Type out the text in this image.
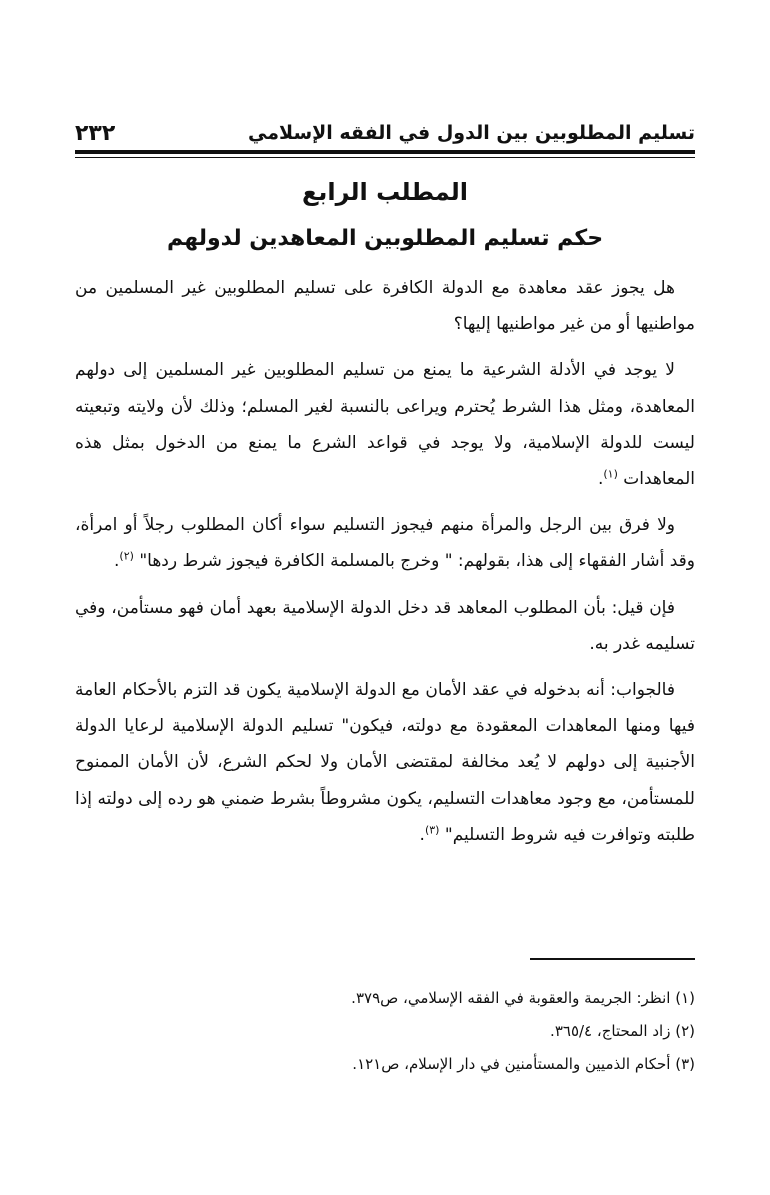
٢٣٢	تسليم المطلوبين بين الدول في الفقه الإسلامي
المطلب الرابع
حكم تسليم المطلوبين المعاهدين لدولهم

هل يجوز عقد معاهدة مع الدولة الكافرة على تسليم المطلوبين غير المسلمين من مواطنيها أو من غير مواطنيها إليها؟

لا يوجد في الأدلة الشرعية ما يمنع من تسليم المطلوبين غير المسلمين إلى دولهم المعاهدة، ومثل هذا الشرط يُحترم ويراعى بالنسبة لغير المسلم؛ وذلك لأن ولايته وتبعيته ليست للدولة الإسلامية، ولا يوجد في قواعد الشرع ما يمنع من الدخول بمثل هذه المعاهدات $^{(١)}$.

ولا فرق بين الرجل والمرأة منهم فيجوز التسليم سواء أكان المطلوب رجلاً أو امرأة، وقد أشار الفقهاء إلى هذا، بقولهم: " وخرج بالمسلمة الكافرة فيجوز شرط ردها" $^{(٢)}$.

فإن قيل: بأن المطلوب المعاهد قد دخل الدولة الإسلامية بعهد أمان فهو مستأمن، وفي تسليمه غدر به.

فالجواب: أنه بدخوله في عقد الأمان مع الدولة الإسلامية يكون قد التزم بالأحكام العامة فيها ومنها المعاهدات المعقودة مع دولته، فيكون" تسليم الدولة الإسلامية لرعايا الدولة الأجنبية إلى دولهم لا يُعد مخالفة لمقتضى الأمان ولا لحكم الشرع، لأن الأمان الممنوح للمستأمن، مع وجود معاهدات التسليم، يكون مشروطاً بشرط ضمني هو رده إلى دولته إذا طلبته وتوافرت فيه شروط التسليم" $^{(٣)}$.

(١) انظر: الجريمة والعقوبة في الفقه الإسلامي، ص٣٧٩.

(٢) زاد المحتاج، ٣٦٥/٤.

(٣) أحكام الذميين والمستأمنين في دار الإسلام، ص١٢١.
